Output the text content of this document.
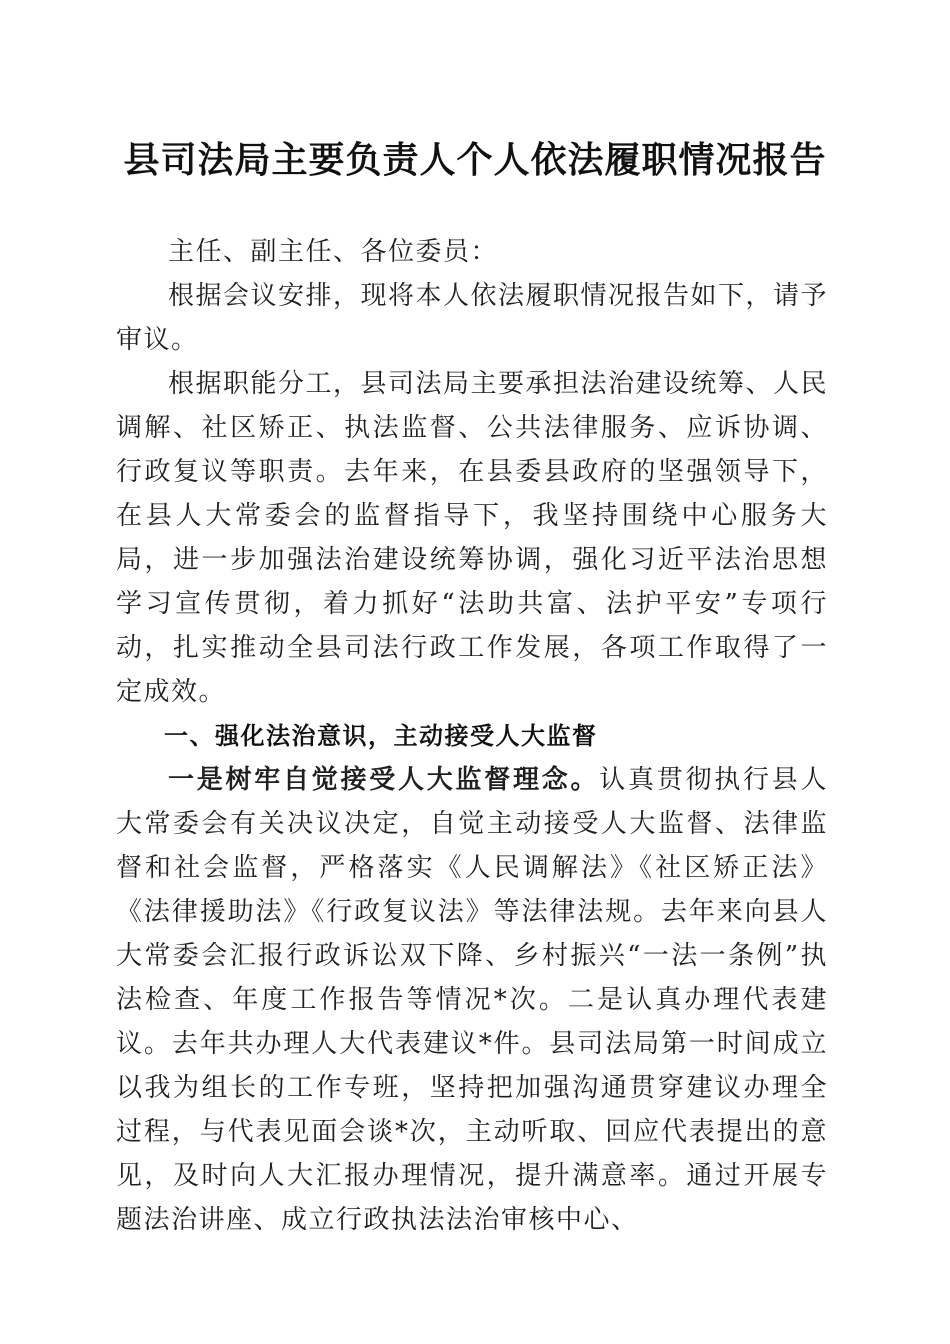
县司法局主要负责人个人依法履职情况报告

主任、副主任、各位委员：

根据会议安排，现将本人依法履职情况报告如下，请予审议。

根据职能分工，县司法局主要承担法治建设统筹、人民调解、社区矫正、执法监督、公共法律服务、应诉协调、行政复议等职责。去年来，在县委县政府的坚强领导下，在县人大常委会的监督指导下，我坚持围绕中心服务大局，进一步加强法治建设统筹协调，强化习近平法治思想学习宣传贯彻，着力抓好“法助共富、法护平安”专项行动，扎实推动全县司法行政工作发展，各项工作取得了一定成效。

一、强化法治意识，主动接受人大监督

一是树牢自觉接受人大监督理念。认真贯彻执行县人大常委会有关决议决定，自觉主动接受人大监督、法律监督和社会监督，严格落实《人民调解法》《社区矫正法》《法律援助法》《行政复议法》等法律法规。去年来向县人大常委会汇报行政诉讼双下降、乡村振兴“一法一条例”执法检查、年度工作报告等情况*次。二是认真办理代表建议。去年共办理人大代表建议*件。县司法局第一时间成立以我为组长的工作专班，坚持把加强沟通贯穿建议办理全过程，与代表见面会谈*次，主动听取、回应代表提出的意见，及时向人大汇报办理情况，提升满意率。通过开展专题法治讲座、成立行政执法法治审核中心、
